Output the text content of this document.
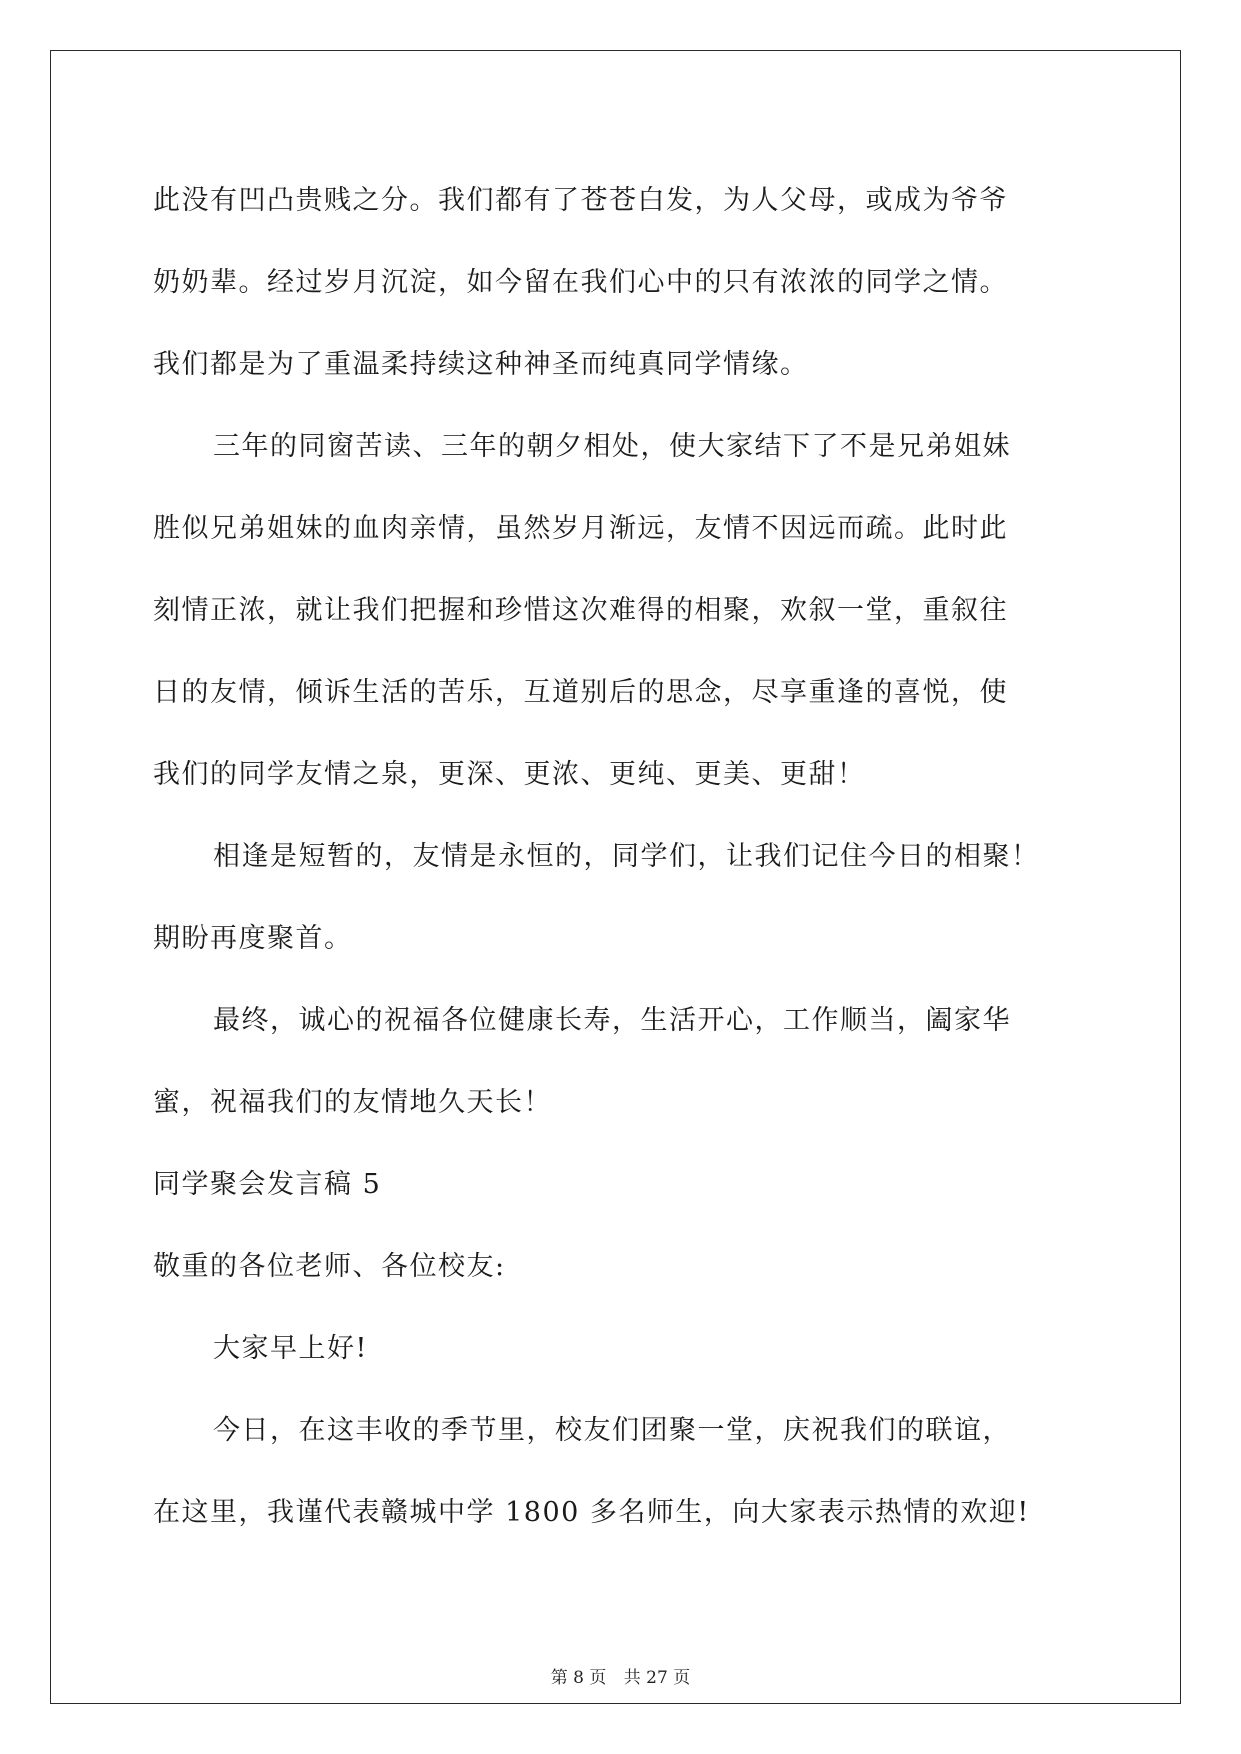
此没有凹凸贵贱之分。我们都有了苍苍白发，为人父母，或成为爷爷
奶奶辈。经过岁月沉淀，如今留在我们心中的只有浓浓的同学之情。
我们都是为了重温柔持续这种神圣而纯真同学情缘。
三年的同窗苦读、三年的朝夕相处，使大家结下了不是兄弟姐妹
胜似兄弟姐妹的血肉亲情，虽然岁月渐远，友情不因远而疏。此时此
刻情正浓，就让我们把握和珍惜这次难得的相聚，欢叙一堂，重叙往
日的友情，倾诉生活的苦乐，互道别后的思念，尽享重逢的喜悦，使
我们的同学友情之泉，更深、更浓、更纯、更美、更甜！
相逢是短暂的，友情是永恒的，同学们，让我们记住今日的相聚！
期盼再度聚首。
最终，诚心的祝福各位健康长寿，生活开心，工作顺当，阖家华
蜜，祝福我们的友情地久天长！
同学聚会发言稿 5
敬重的各位老师、各位校友:
大家早上好!
今日，在这丰收的季节里，校友们团聚一堂，庆祝我们的联谊，
在这里，我谨代表赣城中学 1800 多名师生，向大家表示热情的欢迎!
第 8 页 共 27 页
